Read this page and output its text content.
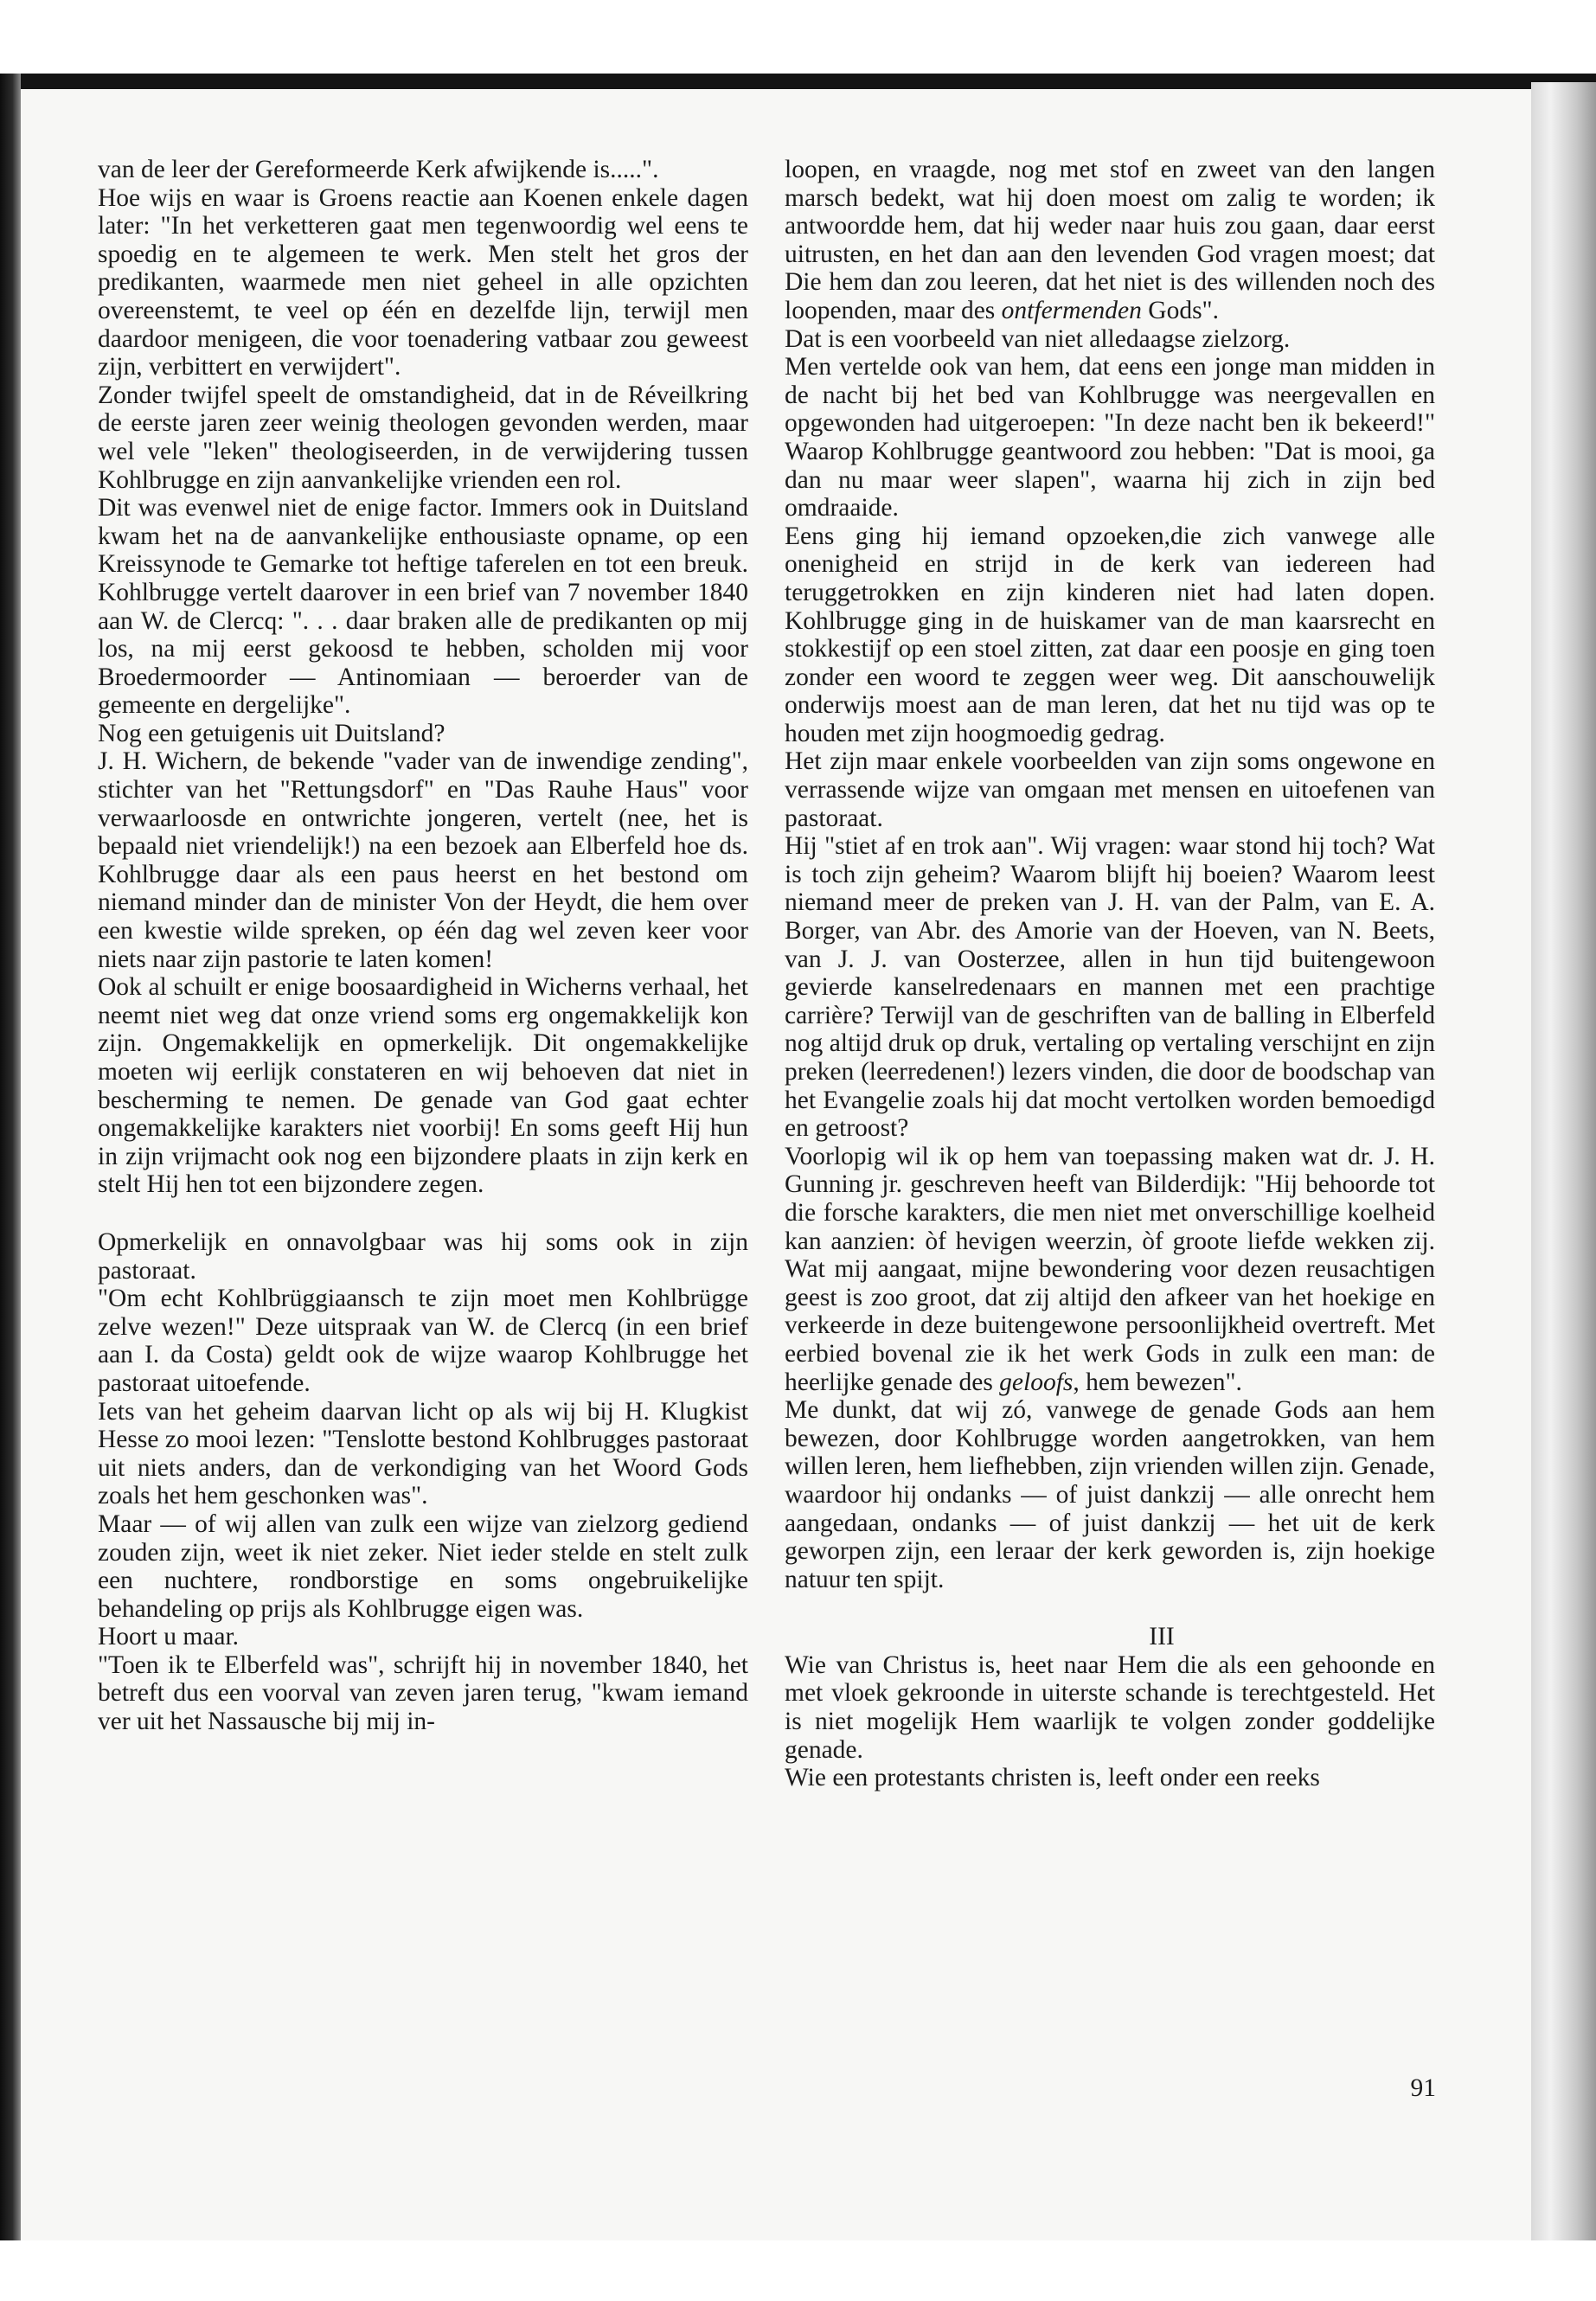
van de leer der Gereformeerde Kerk afwijkende is.....".

Hoe wijs en waar is Groens reactie aan Koenen enkele dagen later: "In het verketteren gaat men tegenwoordig wel eens te spoedig en te algemeen te werk. Men stelt het gros der predikanten, waarmede men niet geheel in alle opzichten overeenstemt, te veel op één en dezelfde lijn, terwijl men daardoor menigeen, die voor toenadering vatbaar zou geweest zijn, verbittert en verwijdert".

Zonder twijfel speelt de omstandigheid, dat in de Réveilkring de eerste jaren zeer weinig theologen gevonden werden, maar wel vele "leken" theologiseerden, in de verwijdering tussen Kohlbrugge en zijn aanvankelijke vrienden een rol.

Dit was evenwel niet de enige factor. Immers ook in Duitsland kwam het na de aanvankelijke enthousiaste opname, op een Kreissynode te Gemarke tot heftige taferelen en tot een breuk. Kohlbrugge vertelt daarover in een brief van 7 november 1840 aan W. de Clercq: ". . . daar braken alle de predikanten op mij los, na mij eerst gekoosd te hebben, scholden mij voor Broedermoorder — Antinomiaan — beroerder van de gemeente en dergelijke".

Nog een getuigenis uit Duitsland?

J. H. Wichern, de bekende "vader van de inwendige zending", stichter van het "Rettungsdorf" en "Das Rauhe Haus" voor verwaarloosde en ontwrichte jongeren, vertelt (nee, het is bepaald niet vriendelijk!) na een bezoek aan Elberfeld hoe ds. Kohlbrugge daar als een paus heerst en het bestond om niemand minder dan de minister Von der Heydt, die hem over een kwestie wilde spreken, op één dag wel zeven keer voor niets naar zijn pastorie te laten komen!

Ook al schuilt er enige boosaardigheid in Wicherns verhaal, het neemt niet weg dat onze vriend soms erg ongemakkelijk kon zijn. Ongemakkelijk en opmerkelijk. Dit ongemakkelijke moeten wij eerlijk constateren en wij behoeven dat niet in bescherming te nemen. De genade van God gaat echter ongemakkelijke karakters niet voorbij! En soms geeft Hij hun in zijn vrijmacht ook nog een bijzondere plaats in zijn kerk en stelt Hij hen tot een bijzondere zegen.

Opmerkelijk en onnavolgbaar was hij soms ook in zijn pastoraat.

"Om echt Kohlbrüggiaansch te zijn moet men Kohlbrügge zelve wezen!" Deze uitspraak van W. de Clercq (in een brief aan I. da Costa) geldt ook de wijze waarop Kohlbrugge het pastoraat uitoefende.

Iets van het geheim daarvan licht op als wij bij H. Klugkist Hesse zo mooi lezen: "Tenslotte bestond Kohlbrugges pastoraat uit niets anders, dan de verkondiging van het Woord Gods zoals het hem geschonken was".

Maar — of wij allen van zulk een wijze van zielzorg gediend zouden zijn, weet ik niet zeker. Niet ieder stelde en stelt zulk een nuchtere, rondborstige en soms ongebruikelijke behandeling op prijs als Kohlbrugge eigen was.

Hoort u maar.

"Toen ik te Elberfeld was", schrijft hij in november 1840, het betreft dus een voorval van zeven jaren terug, "kwam iemand ver uit het Nassausche bij mij in-

loopen, en vraagde, nog met stof en zweet van den langen marsch bedekt, wat hij doen moest om zalig te worden; ik antwoordde hem, dat hij weder naar huis zou gaan, daar eerst uitrusten, en het dan aan den levenden God vragen moest; dat Die hem dan zou leeren, dat het niet is des willenden noch des loopenden, maar des ontfermenden Gods".

Dat is een voorbeeld van niet alledaagse zielzorg.

Men vertelde ook van hem, dat eens een jonge man midden in de nacht bij het bed van Kohlbrugge was neergevallen en opgewonden had uitgeroepen: "In deze nacht ben ik bekeerd!" Waarop Kohlbrugge geantwoord zou hebben: "Dat is mooi, ga dan nu maar weer slapen", waarna hij zich in zijn bed omdraaide.

Eens ging hij iemand opzoeken,die zich vanwege alle onenigheid en strijd in de kerk van iedereen had teruggetrokken en zijn kinderen niet had laten dopen. Kohlbrugge ging in de huiskamer van de man kaarsrecht en stokkestijf op een stoel zitten, zat daar een poosje en ging toen zonder een woord te zeggen weer weg. Dit aanschouwelijk onderwijs moest aan de man leren, dat het nu tijd was op te houden met zijn hoogmoedig gedrag.

Het zijn maar enkele voorbeelden van zijn soms ongewone en verrassende wijze van omgaan met mensen en uitoefenen van pastoraat.

Hij "stiet af en trok aan". Wij vragen: waar stond hij toch? Wat is toch zijn geheim? Waarom blijft hij boeien? Waarom leest niemand meer de preken van J. H. van der Palm, van E. A. Borger, van Abr. des Amorie van der Hoeven, van N. Beets, van J. J. van Oosterzee, allen in hun tijd buitengewoon gevierde kanselredenaars en mannen met een prachtige carrière? Terwijl van de geschriften van de balling in Elberfeld nog altijd druk op druk, vertaling op vertaling verschijnt en zijn preken (leerredenen!) lezers vinden, die door de boodschap van het Evangelie zoals hij dat mocht vertolken worden bemoedigd en getroost?

Voorlopig wil ik op hem van toepassing maken wat dr. J. H. Gunning jr. geschreven heeft van Bilderdijk: "Hij behoorde tot die forsche karakters, die men niet met onverschillige koelheid kan aanzien: òf hevigen weerzin, òf groote liefde wekken zij. Wat mij aangaat, mijne bewondering voor dezen reusachtigen geest is zoo groot, dat zij altijd den afkeer van het hoekige en verkeerde in deze buitengewone persoonlijkheid overtreft. Met eerbied bovenal zie ik het werk Gods in zulk een man: de heerlijke genade des geloofs, hem bewezen".

Me dunkt, dat wij zó, vanwege de genade Gods aan hem bewezen, door Kohlbrugge worden aangetrokken, van hem willen leren, hem liefhebben, zijn vrienden willen zijn. Genade, waardoor hij ondanks — of juist dankzij — alle onrecht hem aangedaan, ondanks — of juist dankzij — het uit de kerk geworpen zijn, een leraar der kerk geworden is, zijn hoekige natuur ten spijt.

III

Wie van Christus is, heet naar Hem die als een gehoonde en met vloek gekroonde in uiterste schande is terechtgesteld. Het is niet mogelijk Hem waarlijk te volgen zonder goddelijke genade.

Wie een protestants christen is, leeft onder een reeks

91
